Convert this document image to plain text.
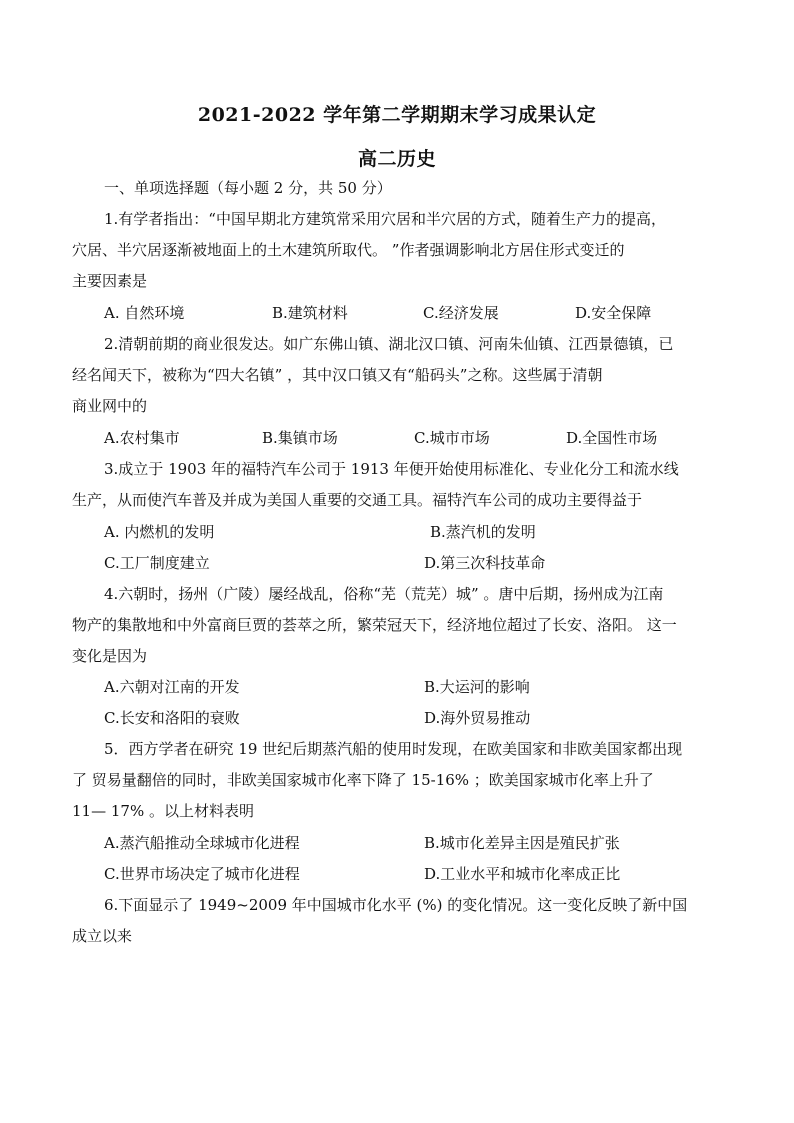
2021-2022 学年第二学期期末学习成果认定
高二历史
一、单项选择题（每小题 2 分，共 50 分）
1.有学者指出：“中国早期北方建筑常采用穴居和半穴居的方式，随着生产力的提高，
穴居、半穴居逐渐被地面上的土木建筑所取代。 ”作者强调影响北方居住形式变迁的
主要因素是
A. 自然环境	B.建筑材料	C.经济发展	D.安全保障
2.清朝前期的商业很发达。如广东佛山镇、湖北汉口镇、河南朱仙镇、江西景德镇，已
经名闻天下，被称为“四大名镇” ，其中汉口镇又有“船码头”之称。这些属于清朝
商业网中的
A.农村集市	B.集镇市场	C.城市市场	D.全国性市场
3.成立于 1903 年的福特汽车公司于 1913 年便开始使用标准化、专业化分工和流水线
生产，从而使汽车普及并成为美国人重要的交通工具。福特汽车公司的成功主要得益于
A. 内燃机的发明	B.蒸汽机的发明
C.工厂制度建立	D.第三次科技革命
4.六朝时，扬州（广陵）屡经战乱，俗称“芜（荒芜）城” 。唐中后期，扬州成为江南
物产的集散地和中外富商巨贾的荟萃之所，繁荣冠天下，经济地位超过了长安、洛阳。 这一
变化是因为
A.六朝对江南的开发	B.大运河的影响
C.长安和洛阳的衰败	D.海外贸易推动
5．西方学者在研究 19 世纪后期蒸汽船的使用时发现，在欧美国家和非欧美国家都出现
了 贸易量翻倍的同时，非欧美国家城市化率下降了 15-16% ；欧美国家城市化率上升了
11— 17% 。以上材料表明
A.蒸汽船推动全球城市化进程	B.城市化差异主因是殖民扩张
C.世界市场决定了城市化进程	D.工业水平和城市化率成正比
6.下面显示了 1949~2009 年中国城市化水平 (%) 的变化情况。这一变化反映了新中国
成立以来
